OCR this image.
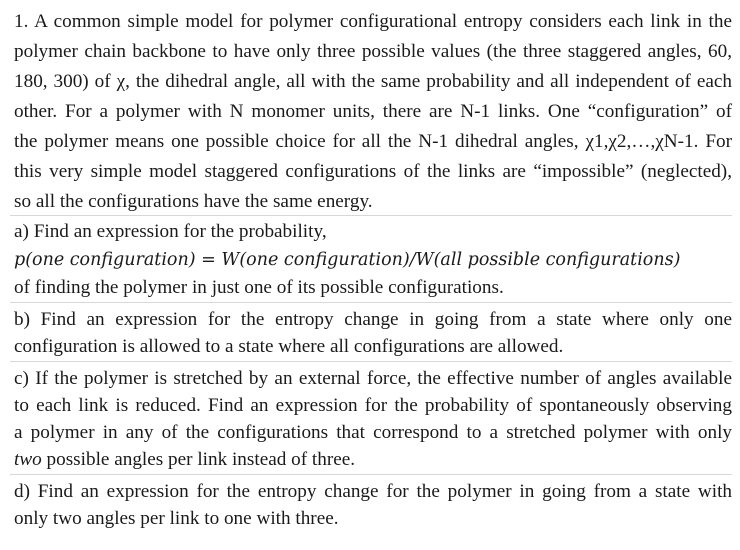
1. A common simple model for polymer configurational entropy considers each link in the
polymer chain backbone to have only three possible values (the three staggered angles, 60,
180, 300) of χ, the dihedral angle, all with the same probability and all independent of each
other. For a polymer with N monomer units, there are N-1 links. One “configuration” of
the polymer means one possible choice for all the N-1 dihedral angles, χ1,χ2,…,χN-1. For
this very simple model staggered configurations of the links are “impossible” (neglected),
so all the configurations have the same energy.
a) Find an expression for the probability,
p(one configuration) = W(one configuration)/W(all possible configurations)
of finding the polymer in just one of its possible configurations.
b) Find an expression for the entropy change in going from a state where only one
configuration is allowed to a state where all configurations are allowed.
c) If the polymer is stretched by an external force, the effective number of angles available
to each link is reduced. Find an expression for the probability of spontaneously observing
a polymer in any of the configurations that correspond to a stretched polymer with only
two possible angles per link instead of three.
d) Find an expression for the entropy change for the polymer in going from a state with
only two angles per link to one with three.
